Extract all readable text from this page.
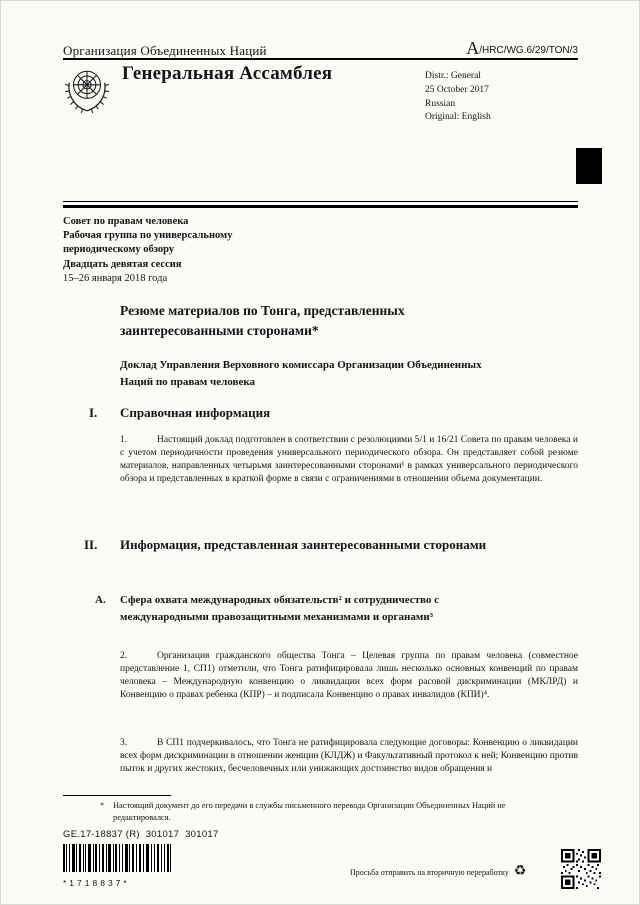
Организация Объединенных Наций	A/HRC/WG.6/29/TON/3
Генеральная Ассамблея	Distr.: General
25 October 2017
Russian
Original: English
Совет по правам человека
Рабочая группа по универсальному периодическому обзору
Двадцать девятая сессия
15–26 января 2018 года
Резюме материалов по Тонга, представленных заинтересованными сторонами*
Доклад Управления Верховного комиссара Организации Объединенных Наций по правам человека
I.	Справочная информация

1.	Настоящий доклад подготовлен в соответствии с резолюциями 5/1 и 16/21 Совета по правам человека и с учетом периодичности проведения универсального периодического обзора. Он представляет собой резюме материалов, направленных четырьмя заинтересованными сторонами¹ в рамках универсального периодического обзора и представленных в краткой форме в связи с ограничениями в отношении объема документации.

II.	Информация, представленная заинтересованными сторонами
A.	Сфера охвата международных обязательств² и сотрудничество с международными правозащитными механизмами и органами³

2.	Организация гражданского общества Тонга – Целевая группа по правам человека (совместное представление 1, СП1) отметили, что Тонга ратифицировала лишь несколько основных конвенций по правам человека – Международную конвенцию о ликвидации всех форм расовой дискриминации (МКЛРД) и Конвенцию о правах ребенка (КПР) – и подписала Конвенцию о правах инвалидов (КПИ)⁴.

3.	В СП1 подчеркивалось, что Тонга не ратифицировала следующие договоры: Конвенцию о ликвидации всех форм дискриминации в отношении женщин (КЛДЖ) и Факультативный протокол к ней; Конвенцию против пыток и других жестоких, бесчеловечных или унижающих достоинство видов обращения и

* Настоящий документ до его передачи в службы письменного перевода Организации Объединенных Наций не редактировался.
GE.17-18837 (R)  301017  301017
*1718837*
Просьба отправить на вторичную переработку ♻
